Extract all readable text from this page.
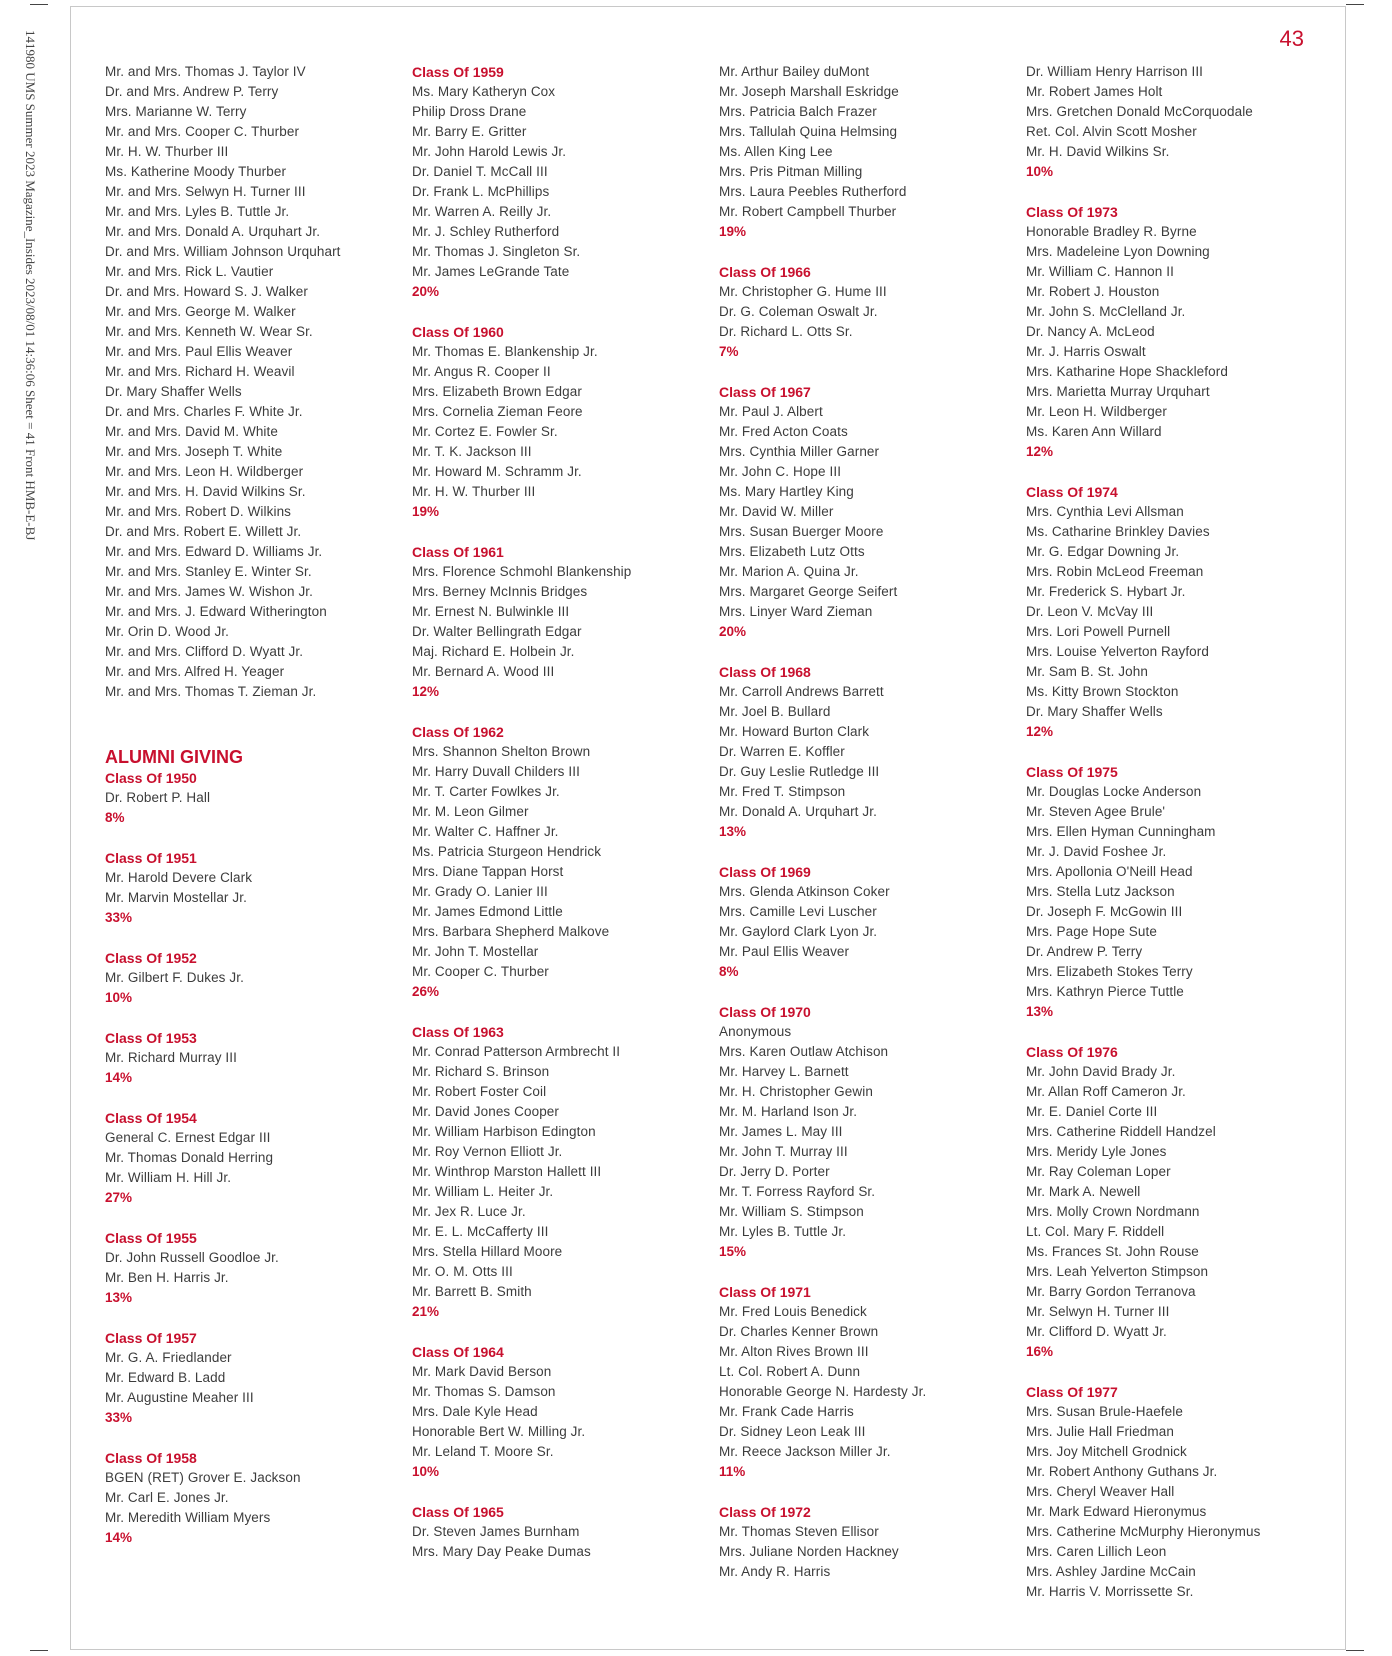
141980 UMS Summer 2023 Magazine_Insides 2023/08/01 14:36:06 Sheet = 41 Front HMB-E-BJ	43
Mr. and Mrs. Thomas J. Taylor IV
Dr. and Mrs. Andrew P. Terry
Mrs. Marianne W. Terry
Mr. and Mrs. Cooper C. Thurber
Mr. H. W. Thurber III
Ms. Katherine Moody Thurber
Mr. and Mrs. Selwyn H. Turner III
Mr. and Mrs. Lyles B. Tuttle Jr.
Mr. and Mrs. Donald A. Urquhart Jr.
Dr. and Mrs. William Johnson Urquhart
Mr. and Mrs. Rick L. Vautier
Dr. and Mrs. Howard S. J. Walker
Mr. and Mrs. George M. Walker
Mr. and Mrs. Kenneth W. Wear Sr.
Mr. and Mrs. Paul Ellis Weaver
Mr. and Mrs. Richard H. Weavil
Dr. Mary Shaffer Wells
Dr. and Mrs. Charles F. White Jr.
Mr. and Mrs. David M. White
Mr. and Mrs. Joseph T. White
Mr. and Mrs. Leon H. Wildberger
Mr. and Mrs. H. David Wilkins Sr.
Mr. and Mrs. Robert D. Wilkins
Dr. and Mrs. Robert E. Willett Jr.
Mr. and Mrs. Edward D. Williams Jr.
Mr. and Mrs. Stanley E. Winter Sr.
Mr. and Mrs. James W. Wishon Jr.
Mr. and Mrs. J. Edward Witherington
Mr. Orin D. Wood Jr.
Mr. and Mrs. Clifford D. Wyatt Jr.
Mr. and Mrs. Alfred H. Yeager
Mr. and Mrs. Thomas T. Zieman Jr.
ALUMNI GIVING
Class Of 1950
Dr. Robert P. Hall
8%
Class Of 1951
Mr. Harold Devere Clark
Mr. Marvin Mostellar Jr.
33%
Class Of 1952
Mr. Gilbert F. Dukes Jr.
10%
Class Of 1953
Mr. Richard Murray III
14%
Class Of 1954
General C. Ernest Edgar III
Mr. Thomas Donald Herring
Mr. William H. Hill Jr.
27%
Class Of 1955
Dr. John Russell Goodloe Jr.
Mr. Ben H. Harris Jr.
13%
Class Of 1957
Mr. G. A. Friedlander
Mr. Edward B. Ladd
Mr. Augustine Meaher III
33%
Class Of 1958
BGEN (RET) Grover E. Jackson
Mr. Carl E. Jones Jr.
Mr. Meredith William Myers
14%
Class Of 1959
Ms. Mary Katheryn Cox
Philip Dross Drane
Mr. Barry E. Gritter
Mr. John Harold Lewis Jr.
Dr. Daniel T. McCall III
Dr. Frank L. McPhillips
Mr. Warren A. Reilly Jr.
Mr. J. Schley Rutherford
Mr. Thomas J. Singleton Sr.
Mr. James LeGrande Tate
20%
Class Of 1960
Mr. Thomas E. Blankenship Jr.
Mr. Angus R. Cooper II
Mrs. Elizabeth Brown Edgar
Mrs. Cornelia Zieman Feore
Mr. Cortez E. Fowler Sr.
Mr. T. K. Jackson III
Mr. Howard M. Schramm Jr.
Mr. H. W. Thurber III
19%
Class Of 1961
Mrs. Florence Schmohl Blankenship
Mrs. Berney McInnis Bridges
Mr. Ernest N. Bulwinkle III
Dr. Walter Bellingrath Edgar
Maj. Richard E. Holbein Jr.
Mr. Bernard A. Wood III
12%
Class Of 1962
Mrs. Shannon Shelton Brown
Mr. Harry Duvall Childers III
Mr. T. Carter Fowlkes Jr.
Mr. M. Leon Gilmer
Mr. Walter C. Haffner Jr.
Ms. Patricia Sturgeon Hendrick
Mrs. Diane Tappan Horst
Mr. Grady O. Lanier III
Mr. James Edmond Little
Mrs. Barbara Shepherd Malkove
Mr. John T. Mostellar
Mr. Cooper C. Thurber
26%
Class Of 1963
Mr. Conrad Patterson Armbrecht II
Mr. Richard S. Brinson
Mr. Robert Foster Coil
Mr. David Jones Cooper
Mr. William Harbison Edington
Mr. Roy Vernon Elliott Jr.
Mr. Winthrop Marston Hallett III
Mr. William L. Heiter Jr.
Mr. Jex R. Luce Jr.
Mr. E. L. McCafferty III
Mrs. Stella Hillard Moore
Mr. O. M. Otts III
Mr. Barrett B. Smith
21%
Class Of 1964
Mr. Mark David Berson
Mr. Thomas S. Damson
Mrs. Dale Kyle Head
Honorable Bert W. Milling Jr.
Mr. Leland T. Moore Sr.
10%
Class Of 1965
Dr. Steven James Burnham
Mrs. Mary Day Peake Dumas
Mr. Arthur Bailey duMont
Mr. Joseph Marshall Eskridge
Mrs. Patricia Balch Frazer
Mrs. Tallulah Quina Helmsing
Ms. Allen King Lee
Mrs. Pris Pitman Milling
Mrs. Laura Peebles Rutherford
Mr. Robert Campbell Thurber
19%
Class Of 1966
Mr. Christopher G. Hume III
Dr. G. Coleman Oswalt Jr.
Dr. Richard L. Otts Sr.
7%
Class Of 1967
Mr. Paul J. Albert
Mr. Fred Acton Coats
Mrs. Cynthia Miller Garner
Mr. John C. Hope III
Ms. Mary Hartley King
Mr. David W. Miller
Mrs. Susan Buerger Moore
Mrs. Elizabeth Lutz Otts
Mr. Marion A. Quina Jr.
Mrs. Margaret George Seifert
Mrs. Linyer Ward Zieman
20%
Class Of 1968
Mr. Carroll Andrews Barrett
Mr. Joel B. Bullard
Mr. Howard Burton Clark
Dr. Warren E. Koffler
Dr. Guy Leslie Rutledge III
Mr. Fred T. Stimpson
Mr. Donald A. Urquhart Jr.
13%
Class Of 1969
Mrs. Glenda Atkinson Coker
Mrs. Camille Levi Luscher
Mr. Gaylord Clark Lyon Jr.
Mr. Paul Ellis Weaver
8%
Class Of 1970
Anonymous
Mrs. Karen Outlaw Atchison
Mr. Harvey L. Barnett
Mr. H. Christopher Gewin
Mr. M. Harland Ison Jr.
Mr. James L. May III
Mr. John T. Murray III
Dr. Jerry D. Porter
Mr. T. Forress Rayford Sr.
Mr. William S. Stimpson
Mr. Lyles B. Tuttle Jr.
15%
Class Of 1971
Mr. Fred Louis Benedick
Dr. Charles Kenner Brown
Mr. Alton Rives Brown III
Lt. Col. Robert A. Dunn
Honorable George N. Hardesty Jr.
Mr. Frank Cade Harris
Dr. Sidney Leon Leak III
Mr. Reece Jackson Miller Jr.
11%
Class Of 1972
Mr. Thomas Steven Ellisor
Mrs. Juliane Norden Hackney
Mr. Andy R. Harris
Dr. William Henry Harrison III
Mr. Robert James Holt
Mrs. Gretchen Donald McCorquodale
Ret. Col. Alvin Scott Mosher
Mr. H. David Wilkins Sr.
10%
Class Of 1973
Honorable Bradley R. Byrne
Mrs. Madeleine Lyon Downing
Mr. William C. Hannon II
Mr. Robert J. Houston
Mr. John S. McClelland Jr.
Dr. Nancy A. McLeod
Mr. J. Harris Oswalt
Mrs. Katharine Hope Shackleford
Mrs. Marietta Murray Urquhart
Mr. Leon H. Wildberger
Ms. Karen Ann Willard
12%
Class Of 1974
Mrs. Cynthia Levi Allsman
Ms. Catharine Brinkley Davies
Mr. G. Edgar Downing Jr.
Mrs. Robin McLeod Freeman
Mr. Frederick S. Hybart Jr.
Dr. Leon V. McVay III
Mrs. Lori Powell Purnell
Mrs. Louise Yelverton Rayford
Mr. Sam B. St. John
Ms. Kitty Brown Stockton
Dr. Mary Shaffer Wells
12%
Class Of 1975
Mr. Douglas Locke Anderson
Mr. Steven Agee Brule'
Mrs. Ellen Hyman Cunningham
Mr. J. David Foshee Jr.
Mrs. Apollonia O'Neill Head
Mrs. Stella Lutz Jackson
Dr. Joseph F. McGowin III
Mrs. Page Hope Sute
Dr. Andrew P. Terry
Mrs. Elizabeth Stokes Terry
Mrs. Kathryn Pierce Tuttle
13%
Class Of 1976
Mr. John David Brady Jr.
Mr. Allan Roff Cameron Jr.
Mr. E. Daniel Corte III
Mrs. Catherine Riddell Handzel
Mrs. Meridy Lyle Jones
Mr. Ray Coleman Loper
Mr. Mark A. Newell
Mrs. Molly Crown Nordmann
Lt. Col. Mary F. Riddell
Ms. Frances St. John Rouse
Mrs. Leah Yelverton Stimpson
Mr. Barry Gordon Terranova
Mr. Selwyn H. Turner III
Mr. Clifford D. Wyatt Jr.
16%
Class Of 1977
Mrs. Susan Brule-Haefele
Mrs. Julie Hall Friedman
Mrs. Joy Mitchell Grodnick
Mr. Robert Anthony Guthans Jr.
Mrs. Cheryl Weaver Hall
Mr. Mark Edward Hieronymus
Mrs. Catherine McMurphy Hieronymus
Mrs. Caren Lillich Leon
Mrs. Ashley Jardine McCain
Mr. Harris V. Morrissette Sr.
